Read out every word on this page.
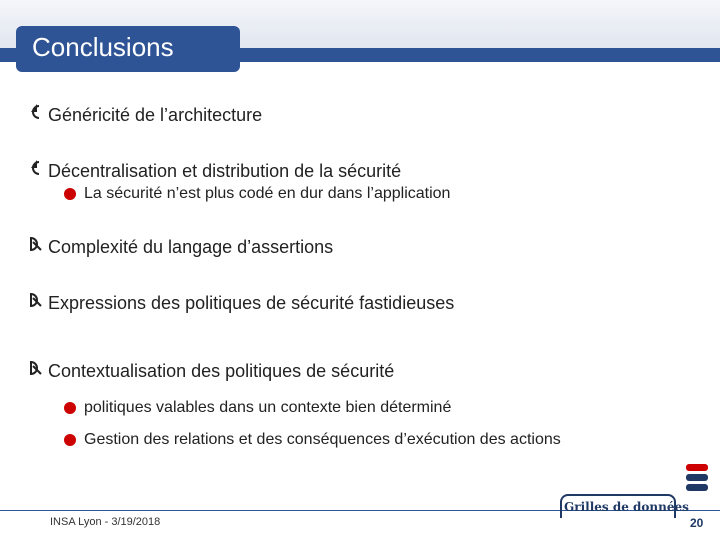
Conclusions
Généricité de l’architecture
Décentralisation et distribution de la sécurité
La sécurité n’est plus codé en dur dans l’application
Complexité du langage d’assertions
Expressions des politiques de sécurité fastidieuses
Contextualisation des politiques de sécurité
politiques valables dans un contexte bien déterminé
Gestion des relations et des conséquences d’exécution des actions
INSA Lyon - 3/19/2018
Grilles de données
20
